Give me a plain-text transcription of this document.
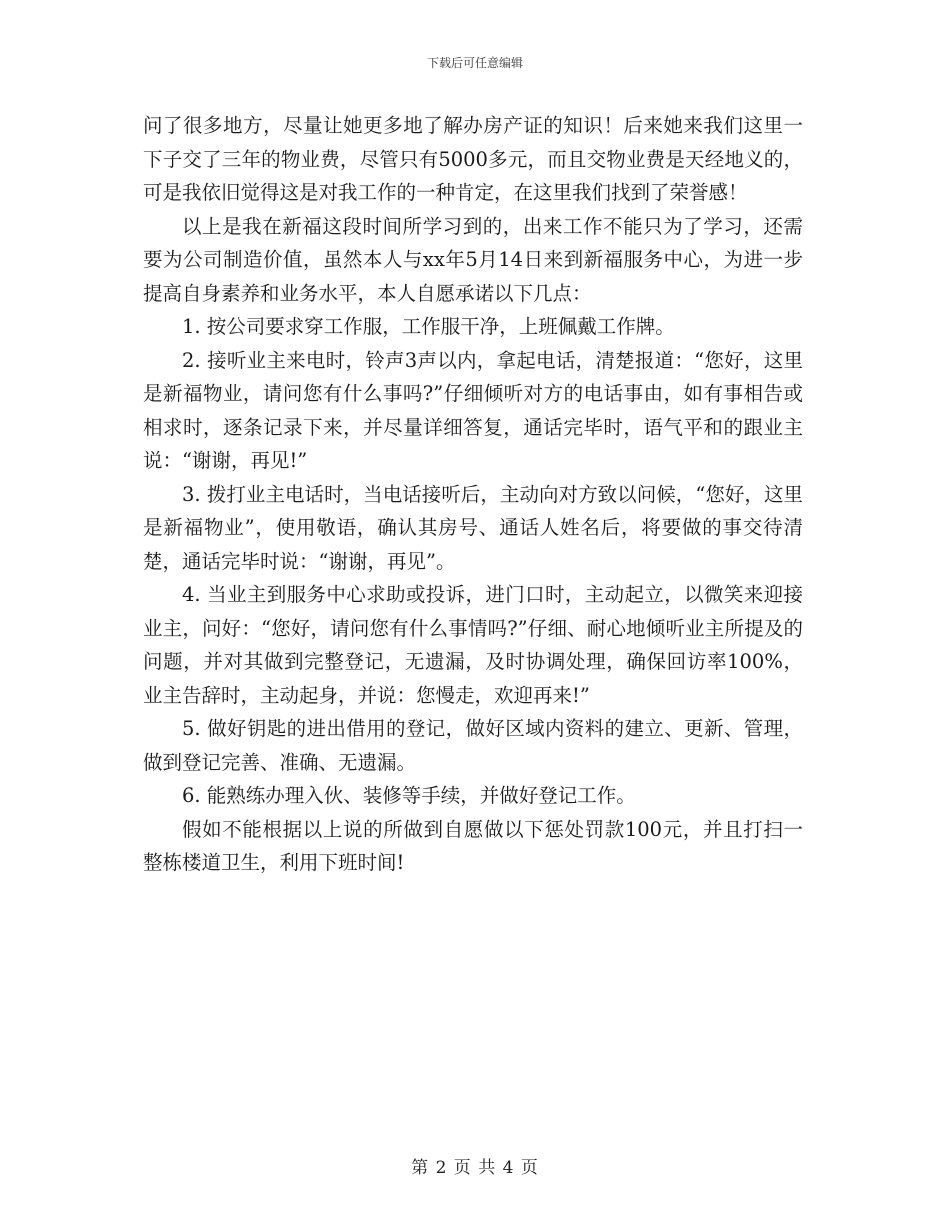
下载后可任意编辑

问了很多地方，尽量让她更多地了解办房产证的知识！后来她来我们这里一下子交了三年的物业费，尽管只有5000多元，而且交物业费是天经地义的，可是我依旧觉得这是对我工作的一种肯定，在这里我们找到了荣誉感！

以上是我在新福这段时间所学习到的，出来工作不能只为了学习，还需要为公司制造价值，虽然本人与xx年5月14日来到新福服务中心，为进一步提高自身素养和业务水平，本人自愿承诺以下几点：

1. 按公司要求穿工作服，工作服干净，上班佩戴工作牌。

2. 接听业主来电时，铃声3声以内，拿起电话，清楚报道：“您好，这里是新福物业，请问您有什么事吗?”仔细倾听对方的电话事由，如有事相告或相求时，逐条记录下来，并尽量详细答复，通话完毕时，语气平和的跟业主说：“谢谢，再见!”

3. 拨打业主电话时，当电话接听后，主动向对方致以问候，“您好，这里是新福物业”，使用敬语，确认其房号、通话人姓名后，将要做的事交待清楚，通话完毕时说：“谢谢，再见”。

4. 当业主到服务中心求助或投诉，进门口时，主动起立，以微笑来迎接业主，问好：“您好，请问您有什么事情吗?”仔细、耐心地倾听业主所提及的问题，并对其做到完整登记，无遗漏，及时协调处理，确保回访率100%，业主告辞时，主动起身，并说：您慢走，欢迎再来!”

5. 做好钥匙的进出借用的登记，做好区域内资料的建立、更新、管理，做到登记完善、准确、无遗漏。

6. 能熟练办理入伙、装修等手续，并做好登记工作。

假如不能根据以上说的所做到自愿做以下惩处罚款100元，并且打扫一整栋楼道卫生，利用下班时间!

第 2 页 共 4 页
